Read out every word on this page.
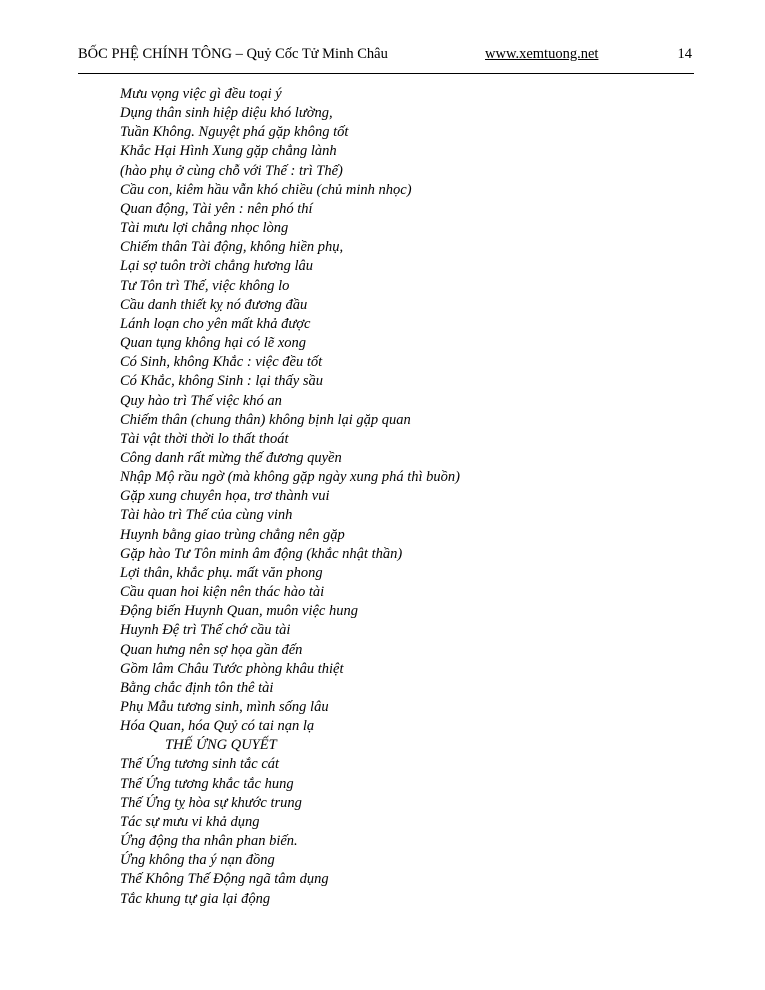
BỐC PHỆ CHÍNH TÔNG – Quỷ Cốc Tử Minh Châu	www.xemtuong.net	14
Mưu vọng việc gì đều toại ý
Dụng thân sinh hiệp diệu khó lường,
Tuần Không. Nguyệt phá gặp không tốt
Khắc Hại Hình Xung gặp chẳng lành
(hào phụ ở cùng chỗ với Thế : trì Thế)
Cầu con, kiêm hầu vẫn khó chiều (chủ minh nhọc)
Quan động, Tài yên : nên phó thí
Tài mưu lợi chẳng nhọc lòng
Chiếm thân Tài động, không hiền phụ,
Lại sợ tuôn trời chẳng hương lâu
Tư Tôn trì Thế, việc không lo
Cầu danh thiết kỵ nó đương đầu
Lánh loạn cho yên mất khả được
Quan tụng không hại có lẽ xong
Có Sinh, không Khắc : việc đều tốt
Có Khắc, không Sinh : lại thấy sầu
Quy hào trì Thế việc khó an
Chiếm thân (chung thân) không bịnh lại gặp quan
Tài vật thời thời lo thất thoát
Công danh rất mừng thế đương quyền
Nhập Mộ rầu ngờ (mà không gặp ngày xung phá thì buồn)
Gặp xung chuyên họa, trơ thành vui
Tài hào trì Thế của cùng vinh
Huynh bằng giao trùng chẳng nên gặp
Gặp hào Tư Tôn minh âm động (khắc nhật thần)
Lợi thân, khắc phụ. mất văn phong
Cầu quan hoi kiện nên thác hào tài
Động biến Huynh Quan, muôn việc hung
Huynh Đệ trì Thế chớ cầu tài
Quan hưng nên sợ họa gần đến
Gồm lâm Châu Tước phòng khâu thiệt
Bằng chắc định tôn thê tài
Phụ Mẫu tương sinh, mình sống lâu
Hóa Quan, hóa Quỷ có tai nạn lạ
THẾ ỨNG QUYẾT
Thế Ứng tương sinh tắc cát
Thế Ứng tương khắc tắc hung
Thế Ứng tỵ hòa sự khước trung
Tác sự mưu vi khả dụng
Ứng động tha nhân phan biến.
Ứng không tha ý nạn đồng
Thế Không Thế Động ngã tâm dụng
Tắc khung tự gia lại động
